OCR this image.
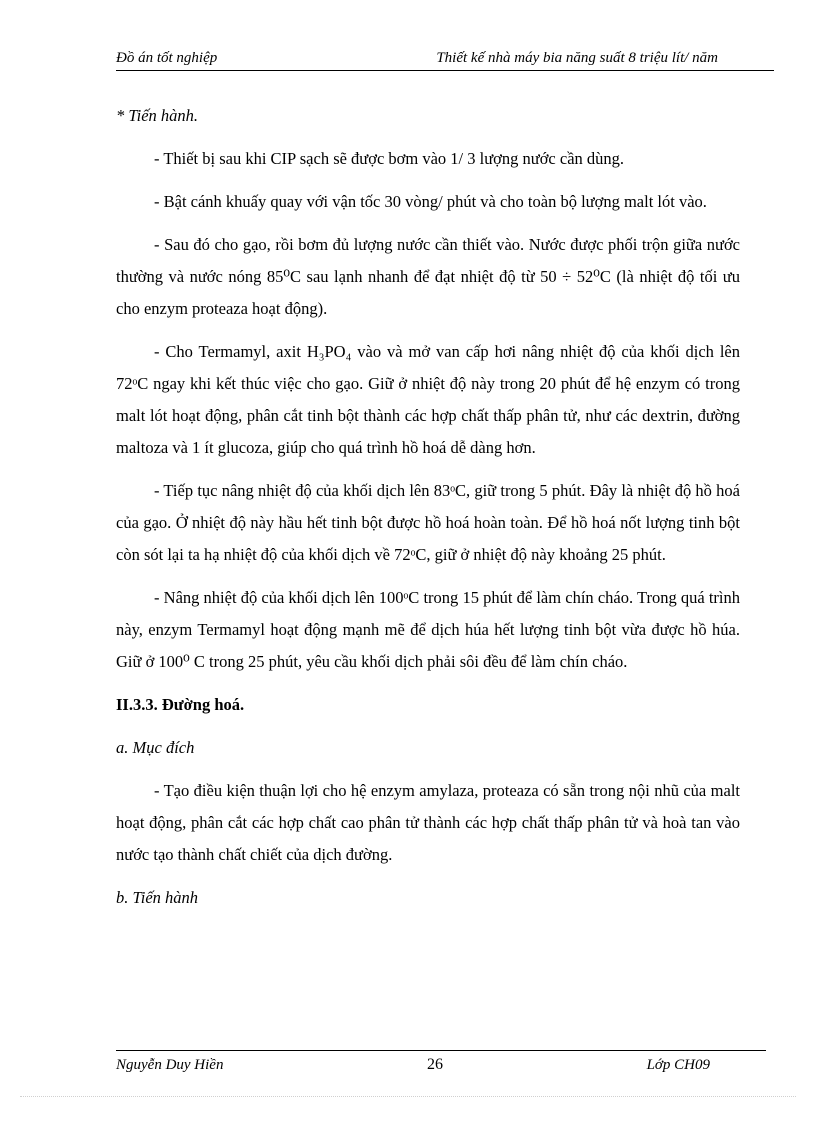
Đồ án tốt nghiệp	Thiết kế nhà máy bia năng suất 8 triệu lít/ năm

* Tiến hành.

- Thiết bị sau khi CIP sạch sẽ được bơm vào 1/ 3 lượng nước cần dùng.

- Bật cánh khuấy quay với vận tốc 30 vòng/ phút và cho toàn bộ lượng malt lót vào.

- Sau đó cho gạo, rồi bơm đủ lượng nước cần thiết vào. Nước được phối trộn giữa nước thường và nước nóng 85⁰C sau lạnh nhanh để đạt nhiệt độ từ 50 ÷ 52⁰C (là nhiệt độ tối ưu cho enzym proteaza hoạt động).

- Cho Termamyl, axit H₃PO₄ vào và mở van cấp hơi nâng nhiệt độ của khối dịch lên 72ᵒC ngay khi kết thúc việc cho gạo. Giữ ở nhiệt độ này trong 20 phút để hệ enzym có trong malt lót hoạt động, phân cắt tinh bột thành các hợp chất thấp phân tử, như các dextrin, đường maltoza và 1 ít glucoza, giúp cho quá trình hồ hoá dễ dàng hơn.

- Tiếp tục nâng nhiệt độ của khối dịch lên 83ᵒC, giữ trong 5 phút. Đây là nhiệt độ hồ hoá của gạo. Ở nhiệt độ này hầu hết tinh bột được hồ hoá hoàn toàn. Để hồ hoá nốt lượng tinh bột còn sót lại ta hạ nhiệt độ của khối dịch về 72ᵒC, giữ ở nhiệt độ này khoảng 25 phút.

- Nâng nhiệt độ của khối dịch lên 100ᵒC trong 15 phút để làm chín cháo. Trong quá trình này, enzym Termamyl hoạt động mạnh mẽ để dịch húa hết lượng tinh bột vừa được hồ húa. Giữ ở 100⁰ C trong 25 phút, yêu cầu khối dịch phải sôi đều để làm chín cháo.

II.3.3. Đường hoá.

a. Mục đích

- Tạo điều kiện thuận lợi cho hệ enzym amylaza, proteaza có sẵn trong nội nhũ của malt hoạt động, phân cắt các hợp chất cao phân tử thành các hợp chất thấp phân tử và hoà tan vào nước tạo thành chất chiết của dịch đường.

b. Tiến hành

Nguyễn Duy Hiền	26	Lớp CH09
